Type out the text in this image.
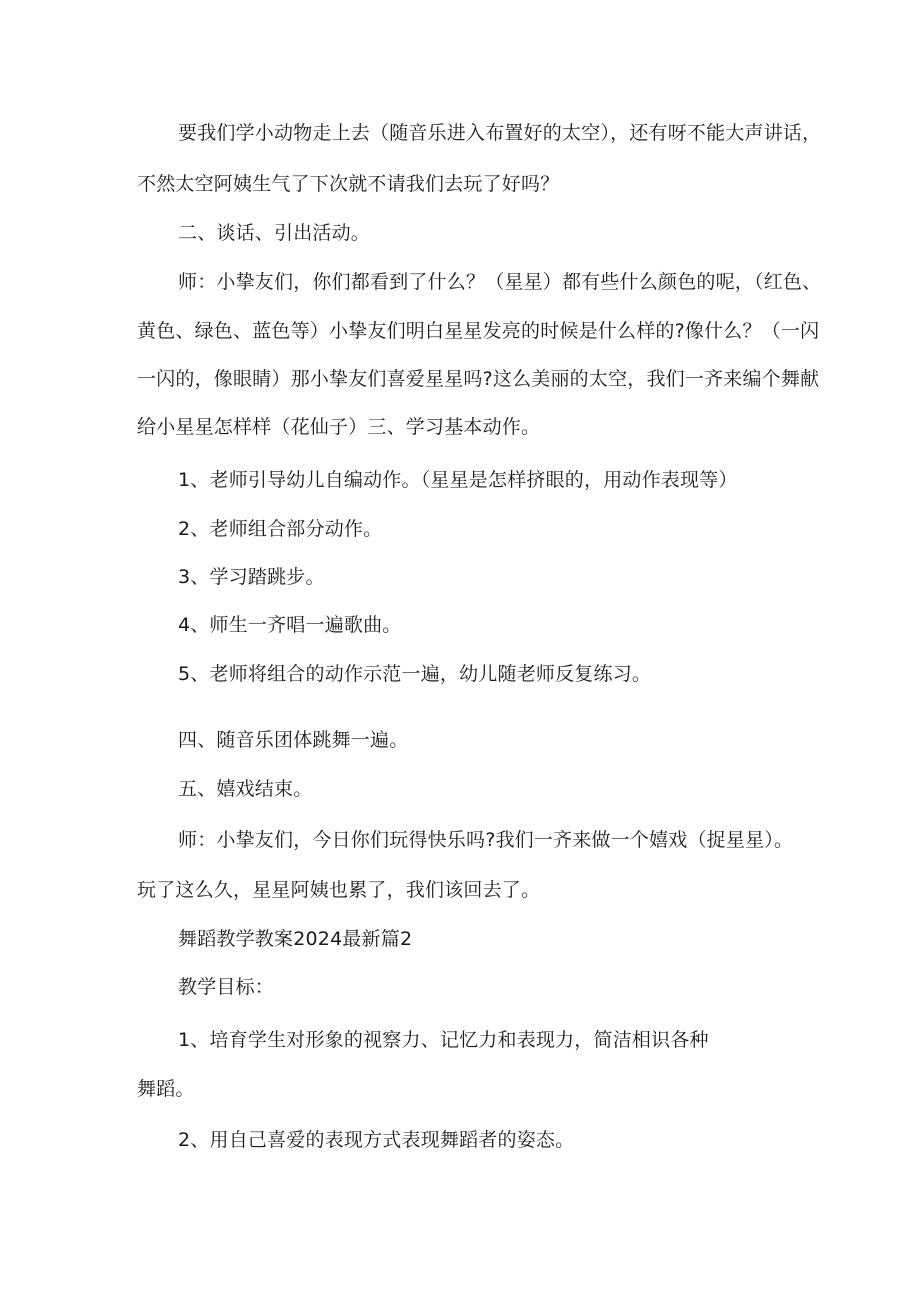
要我们学小动物走上去（随音乐进入布置好的太空），还有呀不能大声讲话，
不然太空阿姨生气了下次就不请我们去玩了好吗？
二、谈话、引出活动。
师：小挚友们，你们都看到了什么？（星星）都有些什么颜色的呢，（红色、
黄色、绿色、蓝色等）小挚友们明白星星发亮的时候是什么样的?像什么？（一闪
一闪的，像眼睛）那小挚友们喜爱星星吗?这么美丽的太空，我们一齐来编个舞献
给小星星怎样样（花仙子）三、学习基本动作。
1、老师引导幼儿自编动作。（星星是怎样挤眼的，用动作表现等）
2、老师组合部分动作。
3、学习踏跳步。
4、师生一齐唱一遍歌曲。
5、老师将组合的动作示范一遍，幼儿随老师反复练习。
四、随音乐团体跳舞一遍。
五、嬉戏结束。
师：小挚友们，今日你们玩得快乐吗?我们一齐来做一个嬉戏（捉星星）。
玩了这么久，星星阿姨也累了，我们该回去了。
舞蹈教学教案2024最新篇2
教学目标：
1、培育学生对形象的视察力、记忆力和表现力，简洁相识各种
舞蹈。
2、用自己喜爱的表现方式表现舞蹈者的姿态。
